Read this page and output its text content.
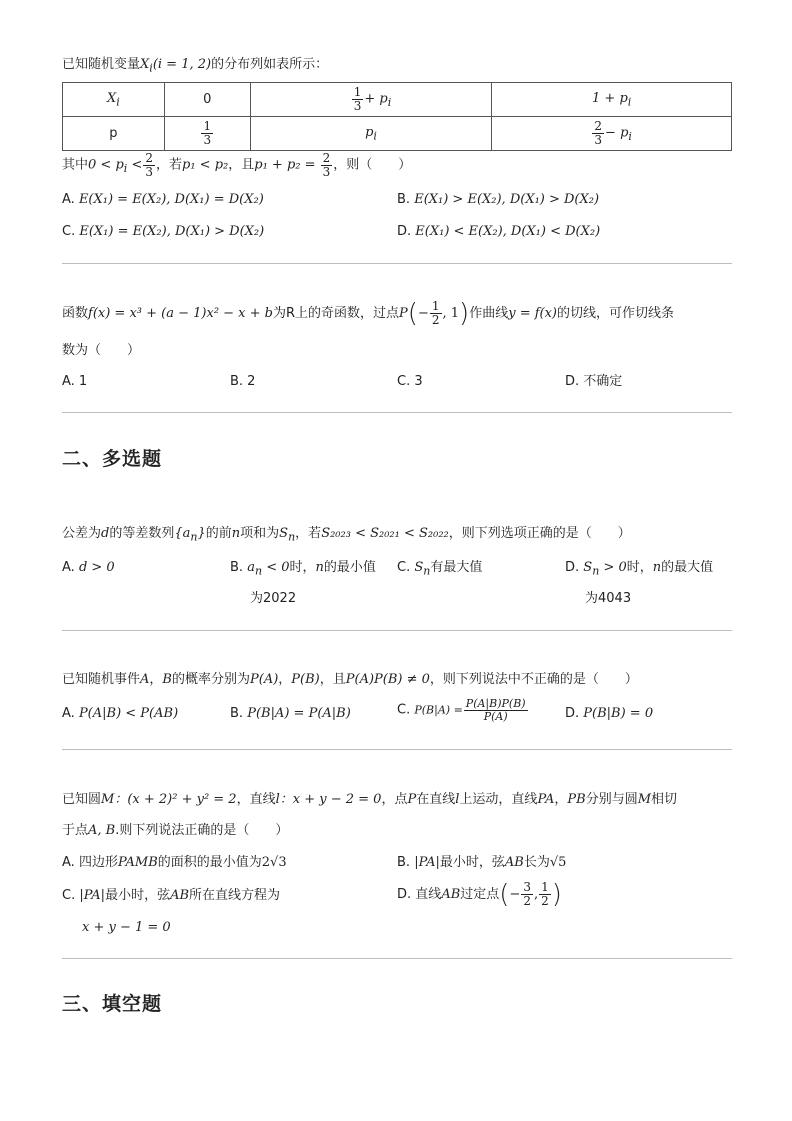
已知随机变量$X_i(i = 1$, 2)的分布列如表所示：
$X_i$	0	$\frac{1}{3} + p_i$	$1 + p_i$
p	$\frac{1}{3}$	$p_i$	$\frac{2}{3} - p_i$
其中$0 < p_i < \frac{2}{3}$ ，若p₁ < p₂，且$p_1 + p_2 = \frac{2}{3}$ ，则（　　）
A. E(X₁) = E(X₂), D(X₁) = D(X₂)	B. E(X₁) > E(X₂), D(X₁) > D(X₂)
C. E(X₁) = E(X₂), D(X₁) > D(X₂)	D. E(X₁) < E(X₂), D(X₁) < D(X₂)
函数f(x) = x³ + (a − 1)x² − x + b为R上的奇函数，过点$P(- \frac{1}{2}$ , 1)作曲线y = f(x)的切线，可作切线条
数为（　　）
A. 1	B. 2	C. 3	D. 不确定
二、多选题
公差为d的等差数列$\{a_n\}$的前n项和为$S_n$，若S₂₀₂₃ < S₂₀₂₁ < S₂₀₂₂，则下列选项正确的是（　　）
A. d > 0	B. $a_n < 0$时，n的最小值
为2022
C. $S_n$有最大值	D. $S_n > 0$时，n的最大值
为4043
已知随机事件A，B的概率分别为P(A)，P(B)，且P(A)P(B) ≠ 0，则下列说法中不正确的是（　　）
A. P(A|B) < P(AB)	B. P(B|A) = P(A|B)	C. $P(B|A) = \frac{P(A|B)P(B)}{P(A)}$	D. P(B|B) = 0
已知圆M：(x + 2)² + y² = 2，直线l：x + y − 2 = 0，点P在直线l上运动，直线PA，PB分别与圆M相切
于点A, B.则下列说法正确的是（　　）
A. 四边形PAMB的面积的最小值为2√3	B. |PA|最小时，弦AB长为√5
C. |PA|最小时，弦AB所在直线方程为
x + y − 1 = 0
D. 直线AB过定点(− $\frac{3}{2}$ , $\frac{1}{2}$ )
三、填空题
